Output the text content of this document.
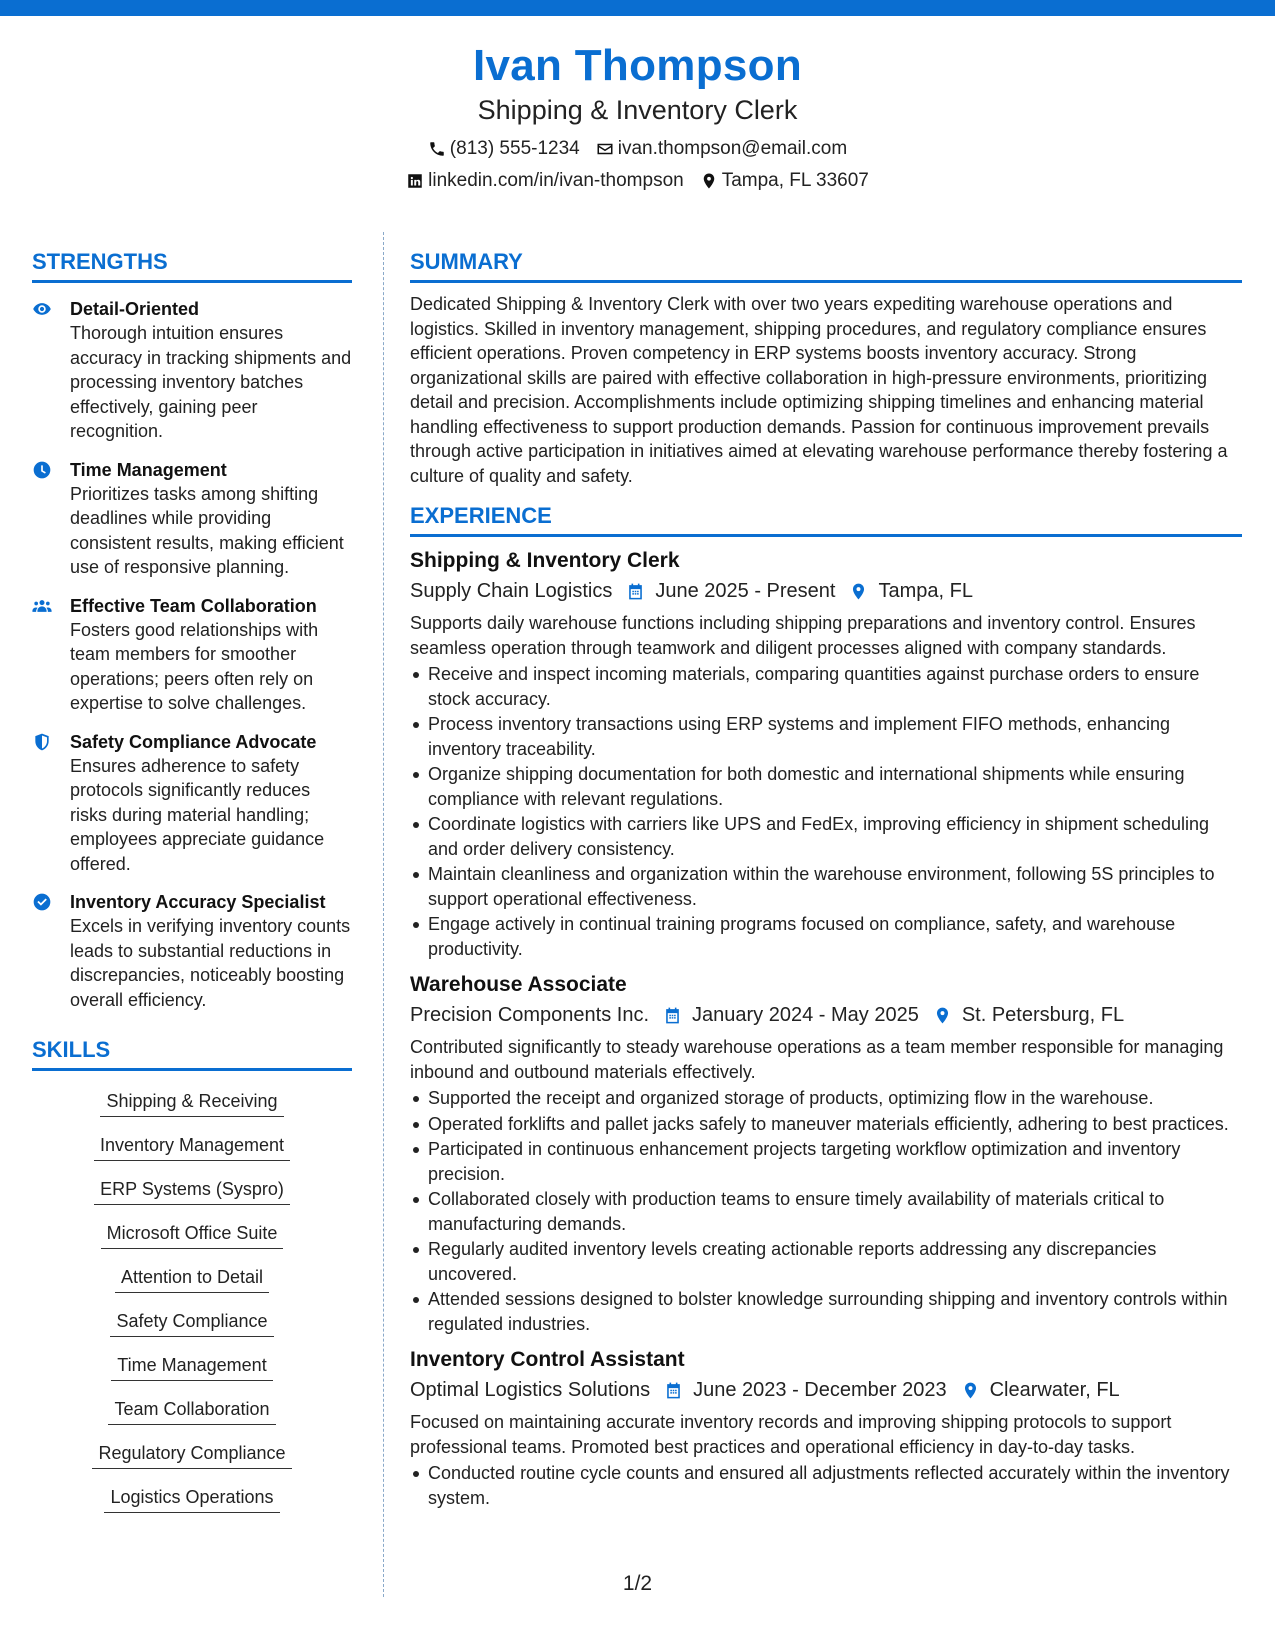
Ivan Thompson
Shipping & Inventory Clerk
(813) 555-1234 ivan.thompson@email.com
linkedin.com/in/ivan-thompson Tampa, FL 33607
STRENGTHS
Detail-Oriented
Thorough intuition ensures accuracy in tracking shipments and processing inventory batches effectively, gaining peer recognition.
Time Management
Prioritizes tasks among shifting deadlines while providing consistent results, making efficient use of responsive planning.
Effective Team Collaboration
Fosters good relationships with team members for smoother operations; peers often rely on expertise to solve challenges.
Safety Compliance Advocate
Ensures adherence to safety protocols significantly reduces risks during material handling; employees appreciate guidance offered.
Inventory Accuracy Specialist
Excels in verifying inventory counts leads to substantial reductions in discrepancies, noticeably boosting overall efficiency.
SKILLS
Shipping & Receiving
Inventory Management
ERP Systems (Syspro)
Microsoft Office Suite
Attention to Detail
Safety Compliance
Time Management
Team Collaboration
Regulatory Compliance
Logistics Operations
SUMMARY

Dedicated Shipping & Inventory Clerk with over two years expediting warehouse operations and logistics. Skilled in inventory management, shipping procedures, and regulatory compliance ensures efficient operations. Proven competency in ERP systems boosts inventory accuracy. Strong organizational skills are paired with effective collaboration in high-pressure environments, prioritizing detail and precision. Accomplishments include optimizing shipping timelines and enhancing material handling effectiveness to support production demands. Passion for continuous improvement prevails through active participation in initiatives aimed at elevating warehouse performance thereby fostering a culture of quality and safety.

EXPERIENCE
Shipping & Inventory Clerk
Supply Chain Logistics June 2025 - Present Tampa, FL

Supports daily warehouse functions including shipping preparations and inventory control. Ensures seamless operation through teamwork and diligent processes aligned with company standards.

Receive and inspect incoming materials, comparing quantities against purchase orders to ensure stock accuracy.
Process inventory transactions using ERP systems and implement FIFO methods, enhancing inventory traceability.
Organize shipping documentation for both domestic and international shipments while ensuring compliance with relevant regulations.
Coordinate logistics with carriers like UPS and FedEx, improving efficiency in shipment scheduling and order delivery consistency.
Maintain cleanliness and organization within the warehouse environment, following 5S principles to support operational effectiveness.
Engage actively in continual training programs focused on compliance, safety, and warehouse productivity.
Warehouse Associate
Precision Components Inc. January 2024 - May 2025 St. Petersburg, FL

Contributed significantly to steady warehouse operations as a team member responsible for managing inbound and outbound materials effectively.

Supported the receipt and organized storage of products, optimizing flow in the warehouse.
Operated forklifts and pallet jacks safely to maneuver materials efficiently, adhering to best practices.
Participated in continuous enhancement projects targeting workflow optimization and inventory precision.
Collaborated closely with production teams to ensure timely availability of materials critical to manufacturing demands.
Regularly audited inventory levels creating actionable reports addressing any discrepancies uncovered.
Attended sessions designed to bolster knowledge surrounding shipping and inventory controls within regulated industries.
Inventory Control Assistant
Optimal Logistics Solutions June 2023 - December 2023 Clearwater, FL

Focused on maintaining accurate inventory records and improving shipping protocols to support professional teams. Promoted best practices and operational efficiency in day-to-day tasks.

Conducted routine cycle counts and ensured all adjustments reflected accurately within the inventory system.
1/2
